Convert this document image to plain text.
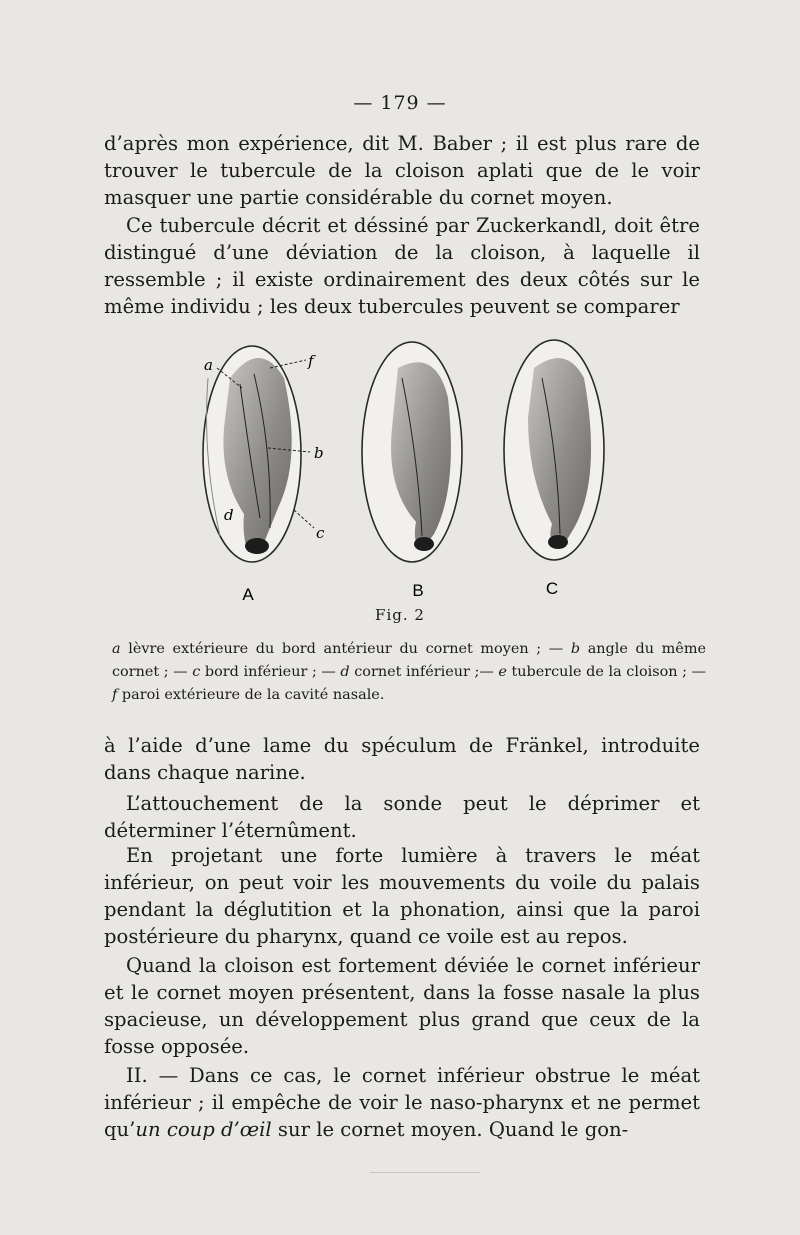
— 179 —

d’après mon expérience, dit M. Baber ; il est plus rare de trouver le tubercule de la cloison aplati que de le voir masquer une partie considérable du cornet moyen.

Ce tubercule décrit et déssiné par Zuckerkandl, doit être distingué d’une déviation de la cloison, à laquelle il ressemble ; il existe ordinairement des deux côtés sur le même individu ; les deux tubercules peuvent se comparer

A	B	C
a	f
b
d
c
Fig. 2

a lèvre extérieure du bord antérieur du cornet moyen ; — b angle du même cornet ; — c bord inférieur ; — d cornet inférieur ;— e tubercule de la cloison ; — f paroi extérieure de la cavité nasale.

à l’aide d’une lame du spéculum de Fränkel, introduite dans chaque narine.

L’attouchement de la sonde peut le déprimer et déterminer l’éternûment.

En projetant une forte lumière à travers le méat inférieur, on peut voir les mouvements du voile du palais pendant la déglutition et la phonation, ainsi que la paroi postérieure du pharynx, quand ce voile est au repos.

Quand la cloison est fortement déviée le cornet inférieur et le cornet moyen présentent, dans la fosse nasale la plus spacieuse, un développement plus grand que ceux de la fosse opposée.

II. — Dans ce cas, le cornet inférieur obstrue le méat inférieur ; il empêche de voir le naso-pharynx et ne permet qu’un coup d’œil sur le cornet moyen. Quand le gon-
